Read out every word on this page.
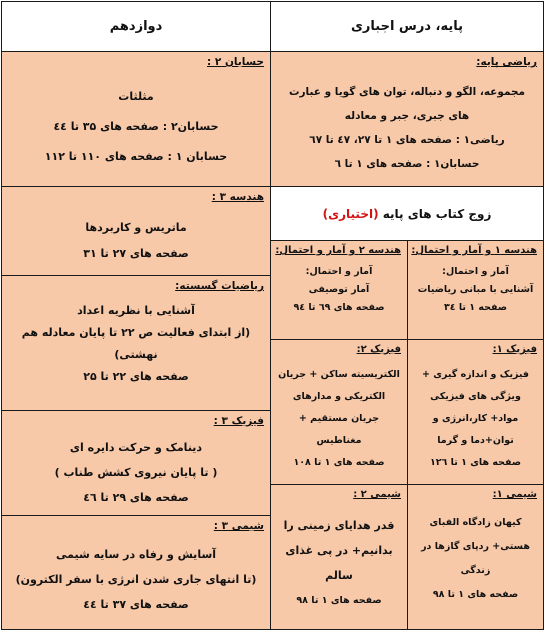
دوازدهم	پایه، درس اجباری
حسابان ۲ :
مثلثات
حسابان۲ : صفحه های ۳۵ تا ٤٤
حسابان ۱ : صفحه های ۱۱۰ تا ۱۱۲
هندسه ۳ :
ماتریس و کاربردها
صفحه های ۲۷ تا ۳۱
ریاضیات گسسته:
آشنایی با نظریه اعداد
(از ابتدای فعالیت ص ۲۲ تا پایان معادله هم
نهشتی)
صفحه های ۲۲ تا ۲۵
فیزیک ۳ :
دینامک و حرکت دایره ای
( تا پایان نیروی کشش طناب )
صفحه های ۲۹ تا ٤٦
شیمی ۳ :
آسایش و رفاه در سایه شیمی
(تا انتهای جاری شدن انرژی با سفر الکترون)
صفحه های ۳۷ تا ٤٤
ریاضی پایه:
مجموعه، الگو و دنباله، توان های گویا و عبارت
های جبری، جبر و معادله
ریاضی۱ : صفحه های ۱ تا ۲۷، ٤٧ تا ٦٧
حسابان۱ : صفحه های ۱ تا ٦
زوج کتاب های پایه

(اختیاری)
هندسه ۱ و آمار و احتمال:
آمار و احتمال:
آشنایی با مبانی ریاضیات
صفحه ۱ تا ۳٤
هندسه ۲ و آمار و احتمال:
آمار و احتمال:
آمار توصیفی
صفحه های ٦٩ تا ۹٤
فیزیک ۱:
فیزیک و اندازه گیری +
ویژگی های فیزیکی
مواد+ کار،انرژی و
توان+دما و گرما
صفحه های ۱ تا ۱۲٦
فیزیک ۲:
الکتریسیته ساکن + جریان
الکتریکی و مدارهای
جریان مستقیم +
مغناطیس
صفحه های ۱ تا ۱۰۸
شیمی ۱:
کیهان زادگاه الفبای
هستی+ ردپای گازها در
زندگی
صفحه های ۱ تا ۹۸
شیمی ۲ :
قدر هدایای زمینی را
بدانیم+ در پی غذای
سالم
صفحه های ۱ تا ۹۸
